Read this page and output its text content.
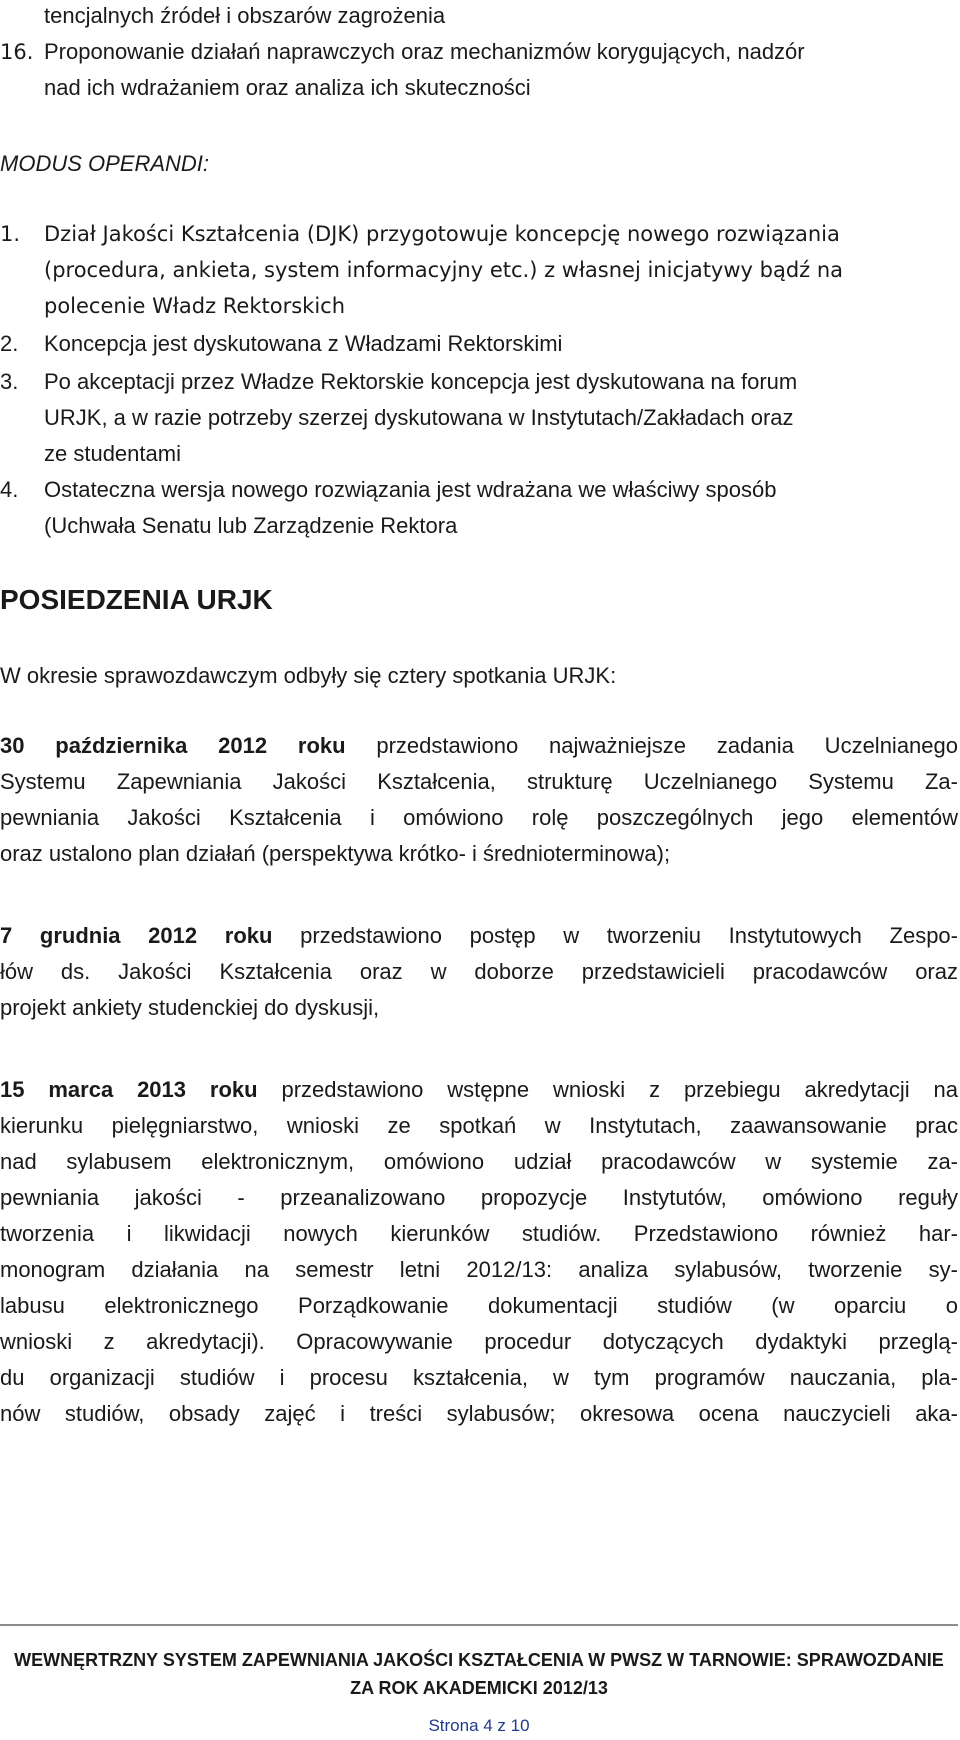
tencjalnych źródeł i obszarów zagrożenia
16. Proponowanie działań naprawczych oraz mechanizmów korygujących, nadzór
nad ich wdrażaniem oraz analiza ich skuteczności
MODUS OPERANDI:
1. Dział Jakości Kształcenia (DJK) przygotowuje koncepcję nowego rozwiązania
(procedura, ankieta, system informacyjny etc.) z własnej inicjatywy bądź na
polecenie Władz Rektorskich
2. Koncepcja jest dyskutowana z Władzami Rektorskimi
3. Po akceptacji przez Władze Rektorskie koncepcja jest dyskutowana na forum
URJK, a w razie potrzeby szerzej dyskutowana w Instytutach/Zakładach oraz
ze studentami
4. Ostateczna wersja nowego rozwiązania jest wdrażana we właściwy sposób
(Uchwała Senatu lub Zarządzenie Rektora
POSIEDZENIA URJK
W okresie sprawozdawczym odbyły się cztery spotkania URJK:
30 października 2012 roku przedstawiono najważniejsze zadania Uczelnianego
Systemu Zapewniania Jakości Kształcenia, strukturę Uczelnianego Systemu Za-
pewniania Jakości Kształcenia i omówiono rolę poszczególnych jego elementów
oraz ustalono plan działań (perspektywa krótko- i średnioterminowa);
7 grudnia 2012 roku przedstawiono postęp w tworzeniu Instytutowych Zespo-
łów ds. Jakości Kształcenia oraz w doborze przedstawicieli pracodawców oraz
projekt ankiety studenckiej do dyskusji,
15 marca 2013 roku przedstawiono wstępne wnioski z przebiegu akredytacji na
kierunku pielęgniarstwo, wnioski ze spotkań w Instytutach, zaawansowanie prac
nad sylabusem elektronicznym, omówiono udział pracodawców w systemie za-
pewniania jakości - przeanalizowano propozycje Instytutów, omówiono reguły
tworzenia i likwidacji nowych kierunków studiów. Przedstawiono również har-
monogram działania na semestr letni 2012/13: analiza sylabusów, tworzenie sy-
labusu elektronicznego Porządkowanie dokumentacji studiów (w oparciu o
wnioski z akredytacji). Opracowywanie procedur dotyczących dydaktyki przeglą-
du organizacji studiów i procesu kształcenia, w tym programów nauczania, pla-
nów studiów, obsady zajęć i treści sylabusów; okresowa ocena nauczycieli aka-
WEWNĘRTRZNY SYSTEM ZAPEWNIANIA JAKOŚCI KSZTAŁCENIA W PWSZ W TARNOWIE: SPRAWOZDANIE
ZA ROK AKADEMICKI 2012/13
Strona 4 z 10
